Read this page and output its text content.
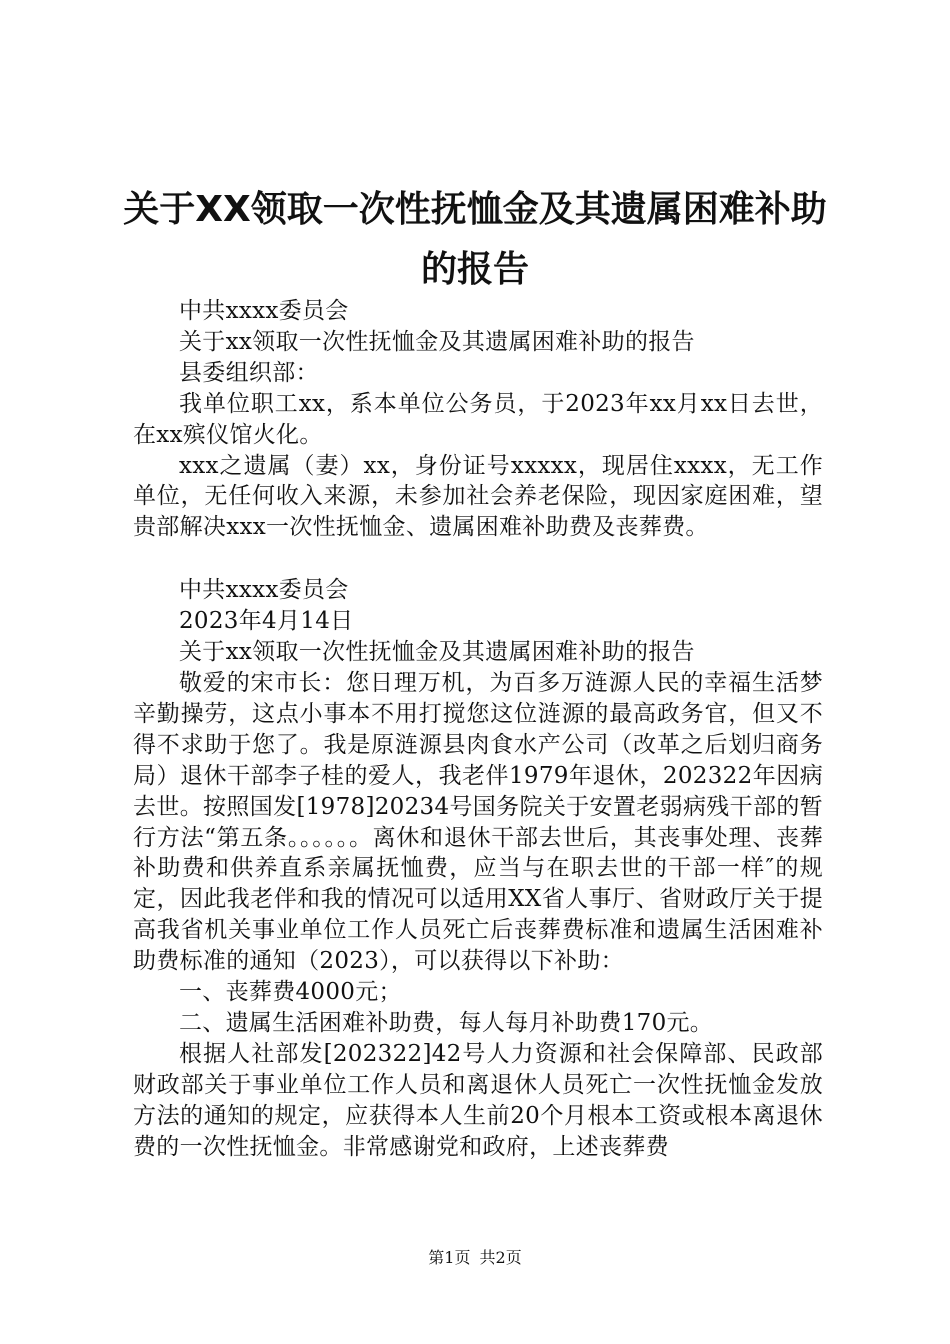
关于XX领取一次性抚恤金及其遗属困难补助
的报告

中共xxxx委员会

关于xx领取一次性抚恤金及其遗属困难补助的报告

县委组织部：

我单位职工xx，系本单位公务员，于2023年xx月xx日去世，在xx殡仪馆火化。

xxx之遗属（妻）xx，身份证号xxxxx，现居住xxxx，无工作单位，无任何收入来源，未参加社会养老保险，现因家庭困难，望贵部解决xxx一次性抚恤金、遗属困难补助费及丧葬费。

中共xxxx委员会

2023年4月14日

关于xx领取一次性抚恤金及其遗属困难补助的报告

敬爱的宋市长：您日理万机，为百多万涟源人民的幸福生活梦辛勤操劳，这点小事本不用打搅您这位涟源的最高政务官，但又不得不求助于您了。我是原涟源县肉食水产公司（改革之后划归商务局）退休干部李子桂的爱人，我老伴1979年退休，202322年因病去世。按照国发[1978]20234号国务院关于安置老弱病残干部的暂行方法“第五条。。。。。。离休和退休干部去世后，其丧事处理、丧葬补助费和供养直系亲属抚恤费，应当与在职去世的干部一样″的规定，因此我老伴和我的情况可以适用XX省人事厅、省财政厅关于提高我省机关事业单位工作人员死亡后丧葬费标准和遗属生活困难补助费标准的通知（2023），可以获得以下补助：

一、丧葬费4000元；

二、遗属生活困难补助费，每人每月补助费170元。

根据人社部发[202322]42号人力资源和社会保障部、民政部财政部关于事业单位工作人员和离退休人员死亡一次性抚恤金发放方法的通知的规定，应获得本人生前20个月根本工资或根本离退休费的一次性抚恤金。非常感谢党和政府，上述丧葬费

第1页 共2页
